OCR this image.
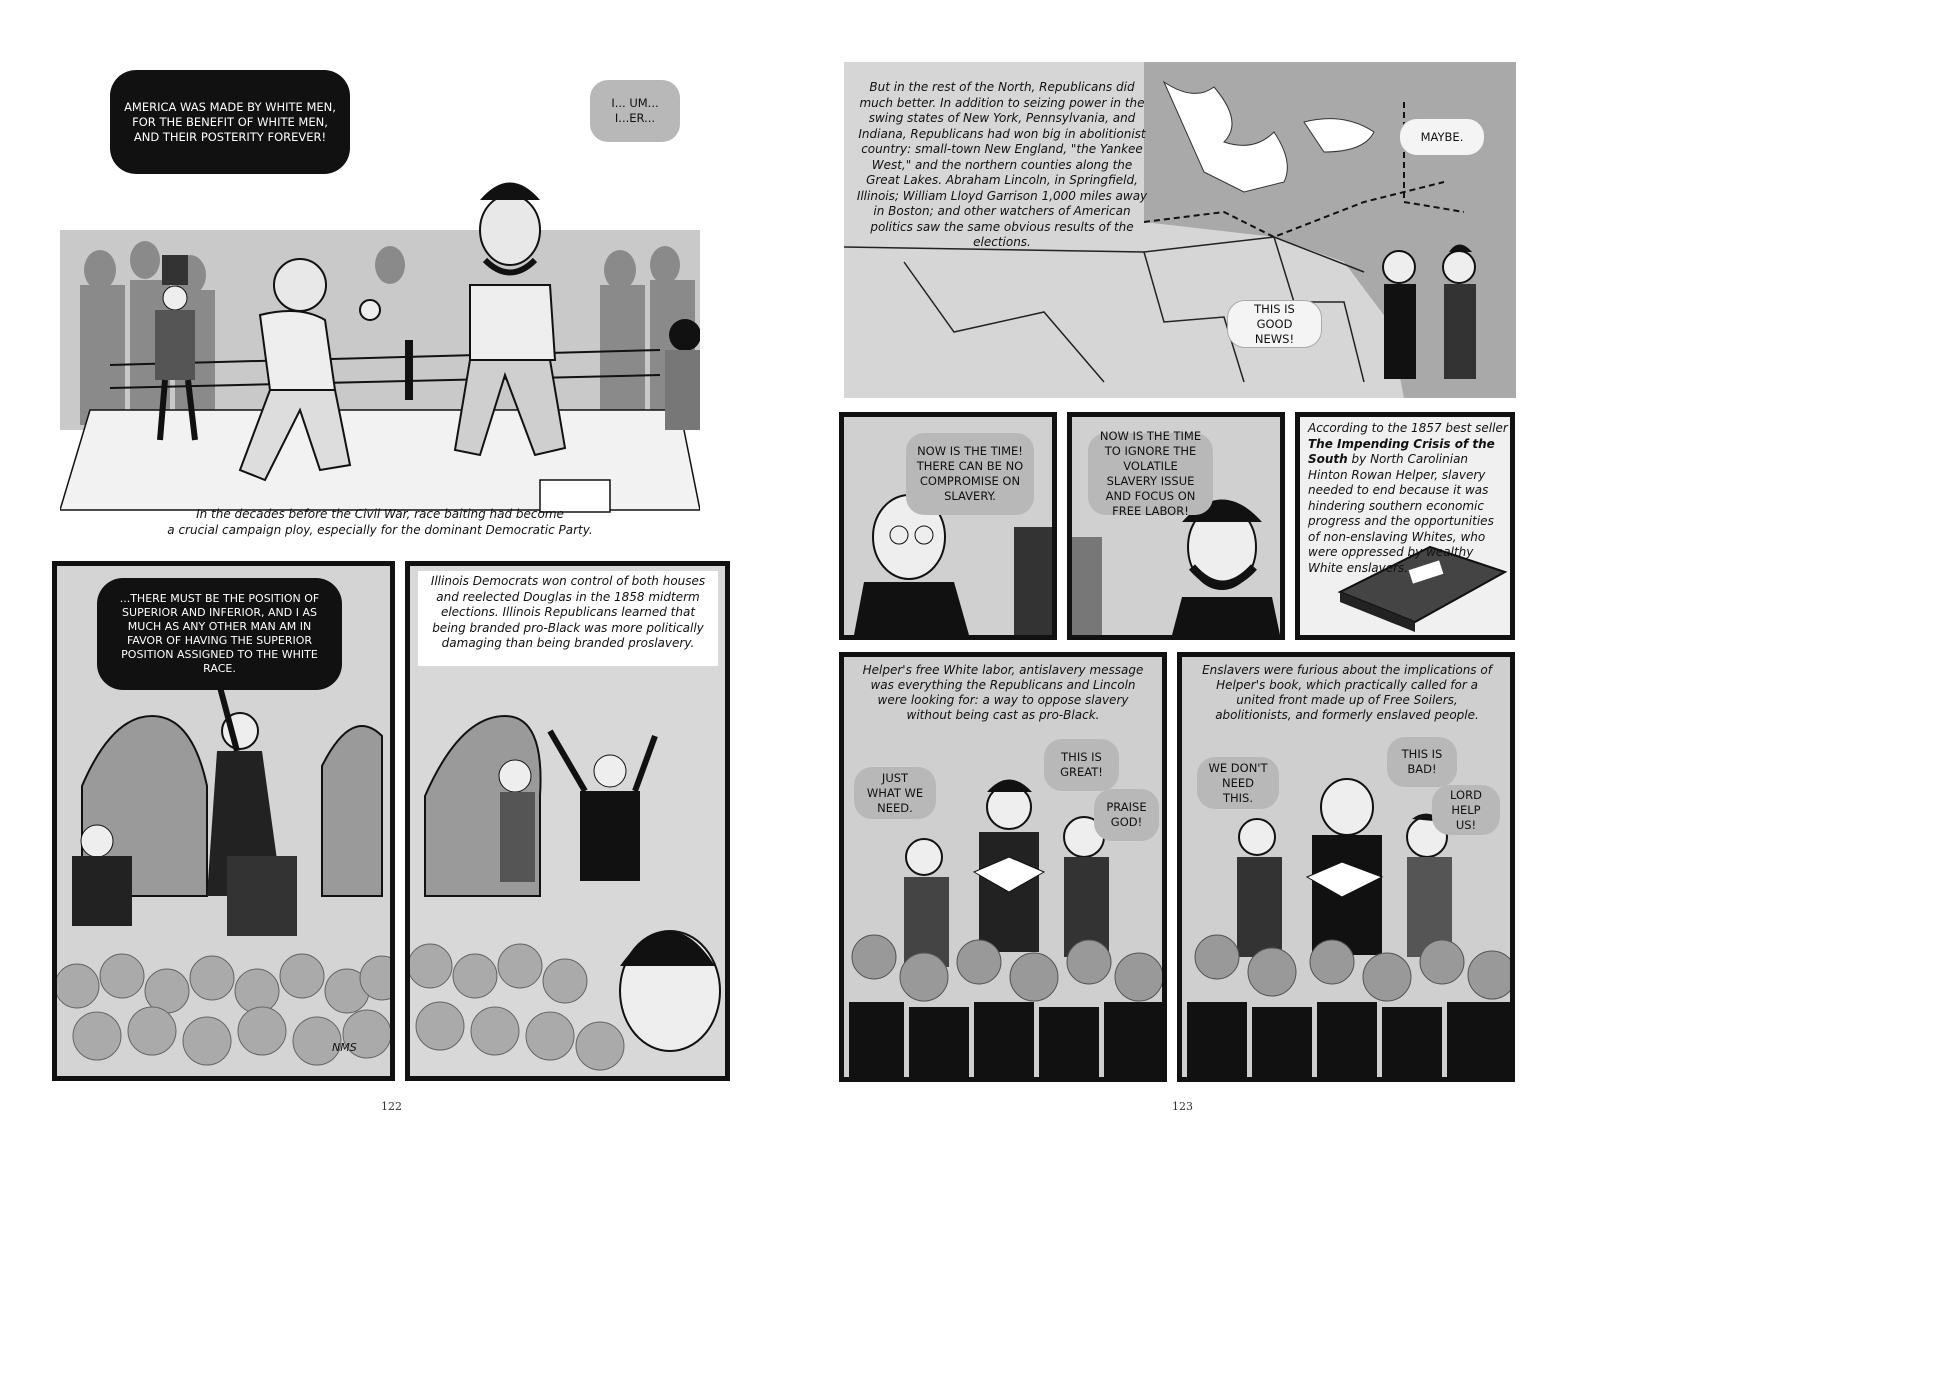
AMERICA WAS MADE BY WHITE MEN, FOR THE BENEFIT OF WHITE MEN, AND THEIR POSTERITY FOREVER!
I... UM... I...ER...
In the decades before the Civil War, race baiting had become
a crucial campaign ploy, especially for the dominant Democratic Party.
...THERE MUST BE THE POSITION OF SUPERIOR AND INFERIOR, AND I AS MUCH AS ANY OTHER MAN AM IN FAVOR OF HAVING THE SUPERIOR POSITION ASSIGNED TO THE WHITE RACE.
NMS
Illinois Democrats won control of both houses and reelected Douglas in the 1858 midterm elections. Illinois Republicans learned that being branded pro-Black was more politically damaging than being branded proslavery.
122
But in the rest of the North, Republicans did much better. In addition to seizing power in the swing states of New York, Pennsylvania, and Indiana, Republicans had won big in abolitionist country: small-town New England, "the Yankee West," and the northern counties along the Great Lakes. Abraham Lincoln, in Springfield, Illinois; William Lloyd Garrison 1,000 miles away in Boston; and other watchers of American politics saw the same obvious results of the elections.
MAYBE.
THIS IS GOOD NEWS!
NOW IS THE TIME! THERE CAN BE NO COMPROMISE ON SLAVERY.
NOW IS THE TIME TO IGNORE THE VOLATILE SLAVERY ISSUE AND FOCUS ON FREE LABOR!
According to the 1857 best seller
The Impending Crisis of the South by North Carolinian Hinton Rowan Helper, slavery needed to end because it was hindering southern economic progress and the opportunities of non-enslaving Whites, who were oppressed by wealthy White enslavers.
Helper's free White labor, antislavery message was everything the Republicans and Lincoln were looking for: a way to oppose slavery without being cast as pro-Black.
JUST WHAT WE NEED.
THIS IS GREAT!
PRAISE GOD!
Enslavers were furious about the implications of Helper's book, which practically called for a united front made up of Free Soilers, abolitionists, and formerly enslaved people.
WE DON'T NEED THIS.
THIS IS BAD!
LORD HELP US!
123
